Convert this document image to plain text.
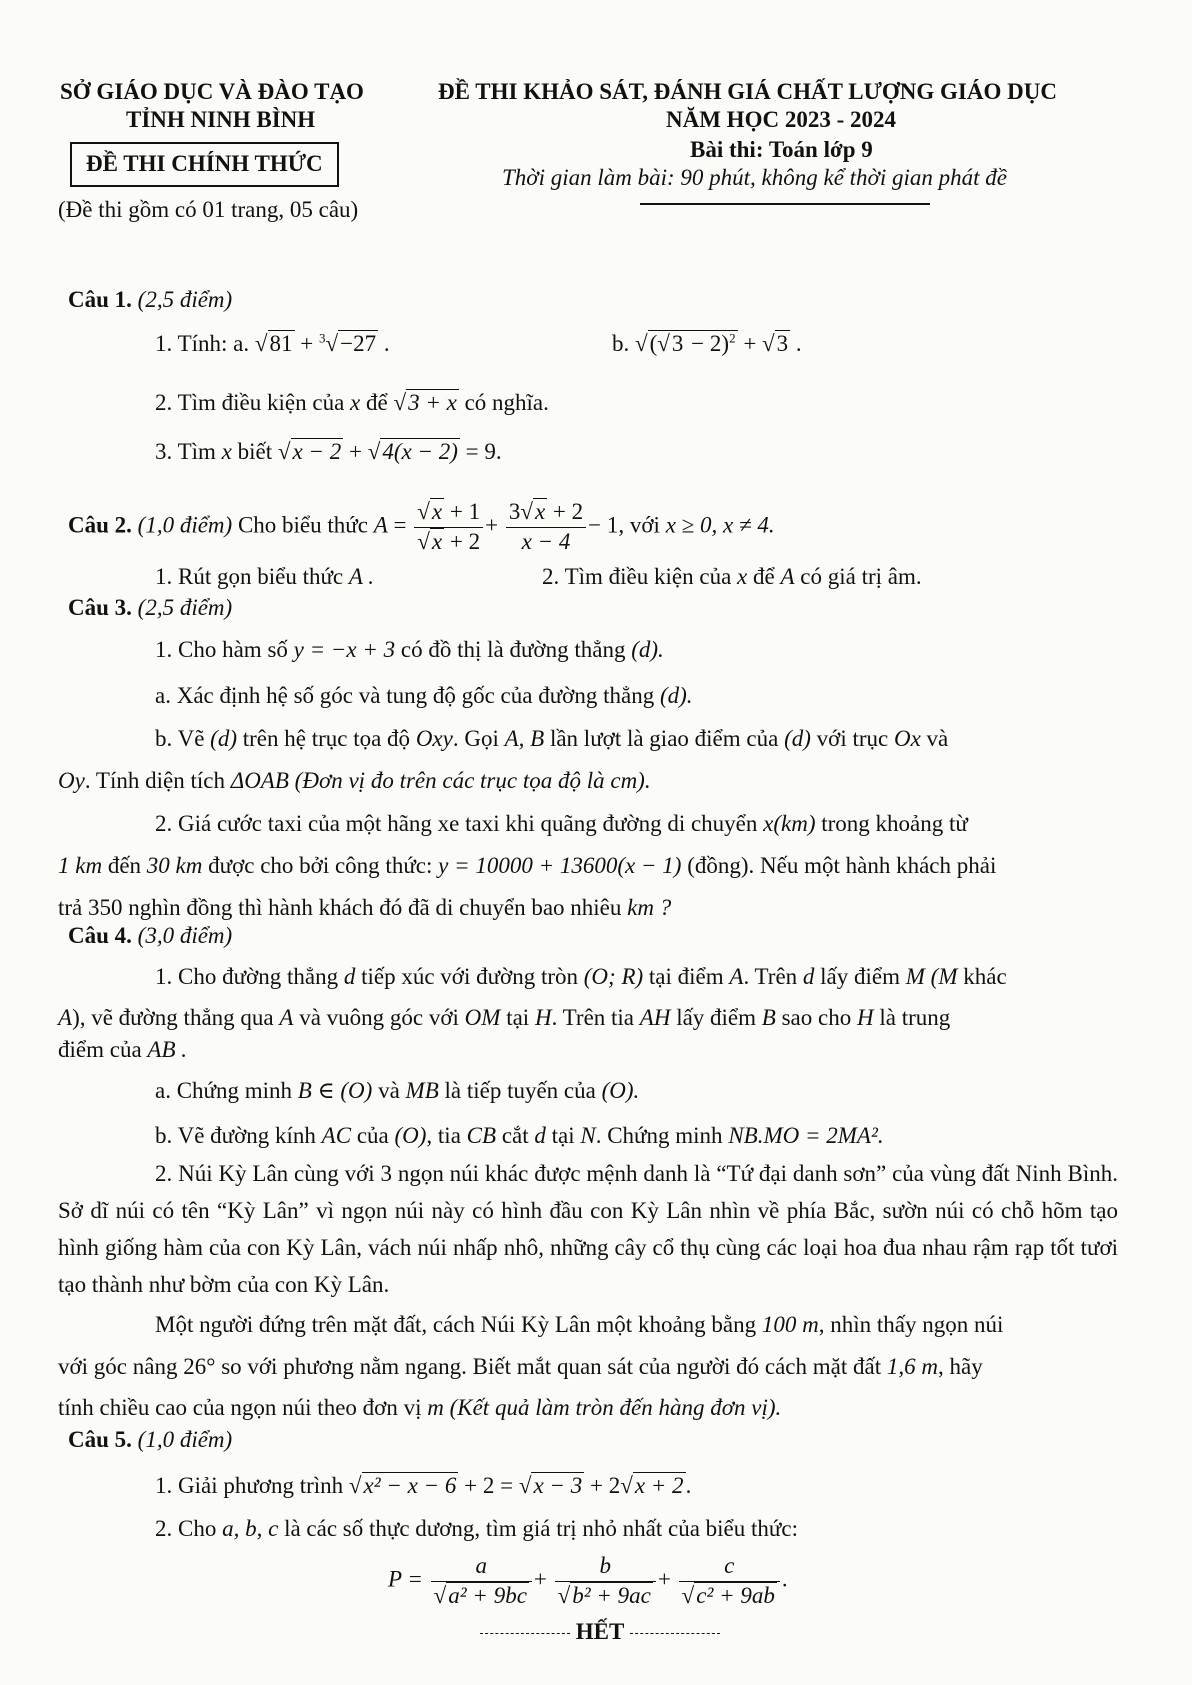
SỞ GIÁO DỤC VÀ ĐÀO TẠO
TỈNH NINH BÌNH
ĐỀ THI CHÍNH THỨC
(Đề thi gồm có 01 trang, 05 câu)
ĐỀ THI KHẢO SÁT, ĐÁNH GIÁ CHẤT LƯỢNG GIÁO DỤC
NĂM HỌC 2023 - 2024
Bài thi: Toán lớp 9
Thời gian làm bài: 90 phút, không kể thời gian phát đề
Câu 1. (2,5 điểm)
1. Tính: a. √81 + $^3$√−27 .	b. $√(√3 - 2)^2 + √3$ .
2. Tìm điều kiện của x để √3 + x có nghĩa.
3. Tìm x biết √x − 2 + √4(x − 2) = 9.
Câu 2. (1,0 điểm) Cho biểu thức $A = \frac{√x + 1}{√x + 2} + \frac{3√x + 2}{x - 4} - 1$, với x ≥ 0, x ≠ 4.
1. Rút gọn biểu thức A .	2. Tìm điều kiện của x để A có giá trị âm.
Câu 3. (2,5 điểm)
1. Cho hàm số y = −x + 3 có đồ thị là đường thẳng (d).
a. Xác định hệ số góc và tung độ gốc của đường thẳng (d).
b. Vẽ (d) trên hệ trục tọa độ Oxy. Gọi A, B lần lượt là giao điểm của (d) với trục Ox và
Oy. Tính diện tích ΔOAB (Đơn vị đo trên các trục tọa độ là cm).
2. Giá cước taxi của một hãng xe taxi khi quãng đường di chuyển x(km) trong khoảng từ
1 km đến 30 km được cho bởi công thức: y = 10000 + 13600(x − 1) (đồng). Nếu một hành khách phải
trả 350 nghìn đồng thì hành khách đó đã di chuyển bao nhiêu km ?
Câu 4. (3,0 điểm)
1. Cho đường thẳng d tiếp xúc với đường tròn (O; R) tại điểm A. Trên d lấy điểm M (M khác
A), vẽ đường thẳng qua A và vuông góc với OM tại H. Trên tia AH lấy điểm B sao cho H là trung
điểm của AB .
a. Chứng minh B ∈ (O) và MB là tiếp tuyến của (O).
b. Vẽ đường kính AC của (O), tia CB cắt d tại N. Chứng minh NB.MO = 2MA².
2. Núi Kỳ Lân cùng với 3 ngọn núi khác được mệnh danh là “Tứ đại danh sơn” của vùng đất Ninh Bình. Sở dĩ núi có tên “Kỳ Lân” vì ngọn núi này có hình đầu con Kỳ Lân nhìn về phía Bắc, sườn núi có chỗ hõm tạo hình giống hàm của con Kỳ Lân, vách núi nhấp nhô, những cây cổ thụ cùng các loại hoa đua nhau rậm rạp tốt tươi tạo thành như bờm của con Kỳ Lân.
Một người đứng trên mặt đất, cách Núi Kỳ Lân một khoảng bằng 100 m, nhìn thấy ngọn núi
với góc nâng 26° so với phương nằm ngang. Biết mắt quan sát của người đó cách mặt đất 1,6 m, hãy
tính chiều cao của ngọn núi theo đơn vị m (Kết quả làm tròn đến hàng đơn vị).
Câu 5. (1,0 điểm)
1. Giải phương trình √x² − x − 6 + 2 = √x − 3 + 2√x + 2.
2. Cho a, b, c là các số thực dương, tìm giá trị nhỏ nhất của biểu thức:
$P = \frac{a}{\text{√a² + 9bc}} + \frac{b}{\text{√b² + 9ac}} + \frac{c}{\text{√c² + 9ab}}$ .
HẾT
